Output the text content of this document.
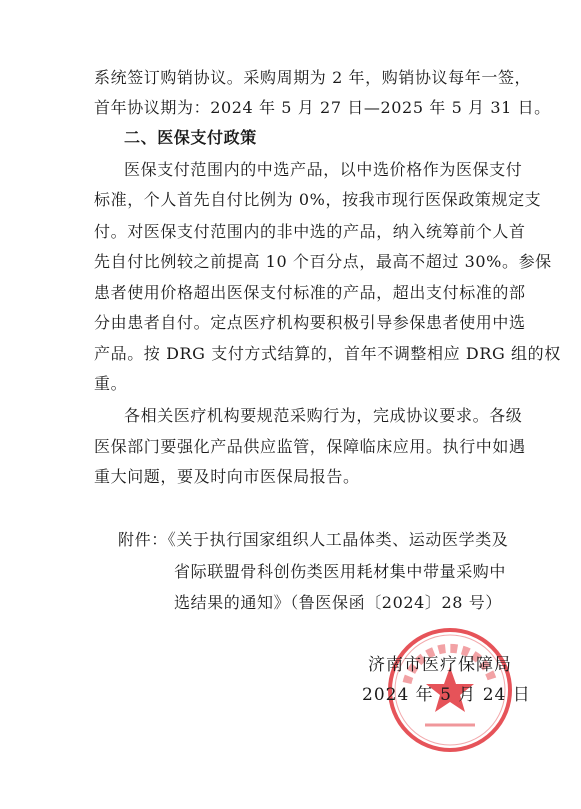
系统签订购销协议。采购周期为 2 年，购销协议每年一签，
首年协议期为：2024 年 5 月 27 日—2025 年 5 月 31 日。
二、医保支付政策
医保支付范围内的中选产品，以中选价格作为医保支付
标准，个人首先自付比例为 0%，按我市现行医保政策规定支
付。对医保支付范围内的非中选的产品，纳入统筹前个人首
先自付比例较之前提高 10 个百分点，最高不超过 30%。参保
患者使用价格超出医保支付标准的产品，超出支付标准的部
分由患者自付。定点医疗机构要积极引导参保患者使用中选
产品。按 DRG 支付方式结算的，首年不调整相应 DRG 组的权
重。
各相关医疗机构要规范采购行为，完成协议要求。各级
医保部门要强化产品供应监管，保障临床应用。执行中如遇
重大问题，要及时向市医保局报告。
附件：《关于执行国家组织人工晶体类、运动医学类及
省际联盟骨科创伤类医用耗材集中带量采购中
选结果的通知》（鲁医保函〔2024〕28 号）
济南市医疗保障局
2024 年 5 月 24 日
